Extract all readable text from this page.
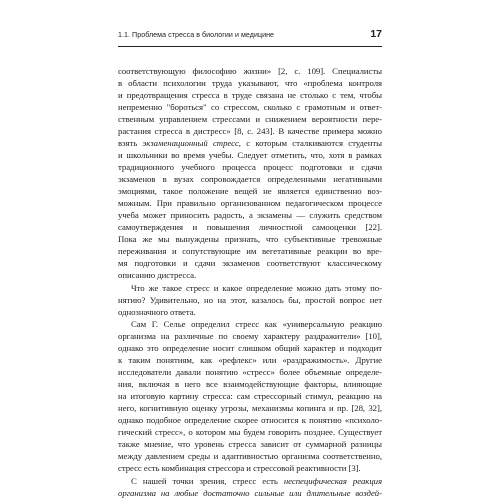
1.1. Проблема стресса в биологии и медицине	17
соответствующую философию жизни» [2, с. 109]. Специалисты
в области психологии труда указывают, что «проблема контроля
и предотвращения стресса в труде связана не столько с тем, чтобы
непременно "бороться" со стрессом, сколько с грамотным и ответ-
ственным управлением стрессами и снижением вероятности пере-
растания стресса в дистресс» [8, с. 243]. В качестве примера можно
взять экзаменационный стресс, с которым сталкиваются студенты
и школьники во время учебы. Следует отметить, что, хотя в рамках
традиционного учебного процесса процесс подготовки и сдачи
экзаменов в вузах сопровождается определенными негативными
эмоциями, такое положение вещей не является единственно воз-
можным. При правильно организованном педагогическом процессе
учеба может приносить радость, а экзамены — служить средством
самоутверждения и повышения личностной самооценки [22].
Пока же мы вынуждены признать, что субъективные тревожные
переживания и сопутствующие им вегетативные реакции во вре-
мя подготовки и сдачи экзаменов соответствуют классическому
описанию дистресса.
Что же такое стресс и какое определение можно дать этому по-
нятию? Удивительно, но на этот, казалось бы, простой вопрос нет
однозначного ответа.
Сам Г. Селье определил стресс как «универсальную реакцию
организма на различные по своему характеру раздражители» [10],
однако это определение носит слишком общий характер и подходит
к таким понятиям, как «рефлекс» или «раздражимость». Другие
исследователи давали понятию «стресс» более объемные определе-
ния, включая в него все взаимодействующие факторы, влияющие
на итоговую картину стресса: сам стрессорный стимул, реакцию на
него, когнитивную оценку угрозы, механизмы копинга и пр. [28, 32],
однако подобное определение скорее относится к понятию «психоло-
гический стресс», о котором мы будем говорить позднее. Существует
также мнение, что уровень стресса зависит от суммарной разницы
между давлением среды и адаптивностью организма соответственно,
стресс есть комбинация стрессора и стрессовой реактивности [3].
С нашей точки зрения, стресс есть неспецифическая реакция
организма на любые достаточно сильные или длительные воздей-
